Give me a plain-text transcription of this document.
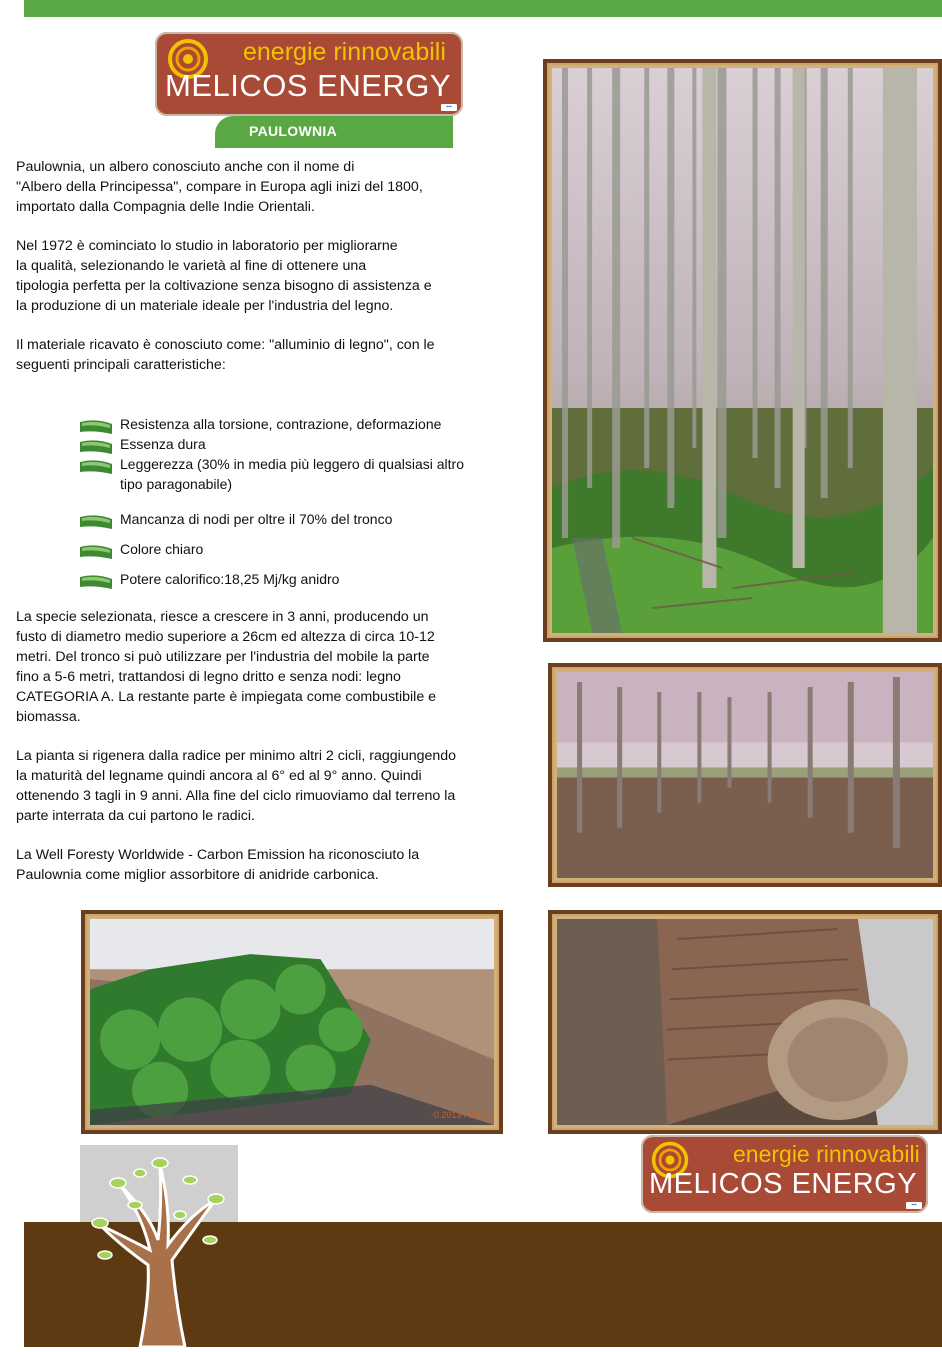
energie rinnovabili
MELICOS ENERGY
▪▪▪
PAULOWNIA

Paulownia, un albero conosciuto anche con il nome di

"Albero della Principessa", compare in Europa agli inizi del 1800,

importato dalla Compagnia delle Indie Orientali.

Nel 1972 è cominciato lo studio in laboratorio per migliorarne

la qualità, selezionando le varietà al fine di ottenere una

tipologia perfetta per la coltivazione senza bisogno di assistenza e

la produzione di un materiale ideale per l'industria del legno.

Il materiale ricavato è conosciuto come: "alluminio di legno", con le

seguenti principali caratteristiche:

Resistenza alla torsione, contrazione, deformazione
Essenza dura
Leggerezza (30% in media più leggero di qualsiasi altro
tipo paragonabile)
Mancanza di nodi per oltre il 70% del tronco
Colore chiaro
Potere calorifico:18,25 Mj/kg anidro

La specie selezionata, riesce a crescere in 3 anni, producendo un

fusto di diametro medio superiore a 26cm ed altezza di circa 10-12

metri. Del tronco si può utilizzare per l'industria del mobile la parte

fino a 5-6 metri, trattandosi di legno dritto e senza nodi: legno

CATEGORIA A. La restante parte è impiegata come combustibile e

biomassa.

La pianta si rigenera dalla radice per minimo altri 2 cicli, raggiungendo

la maturità del legname quindi ancora al 6° ed al 9° anno. Quindi

ottenendo 3 tagli in 9 anni. Alla fine del ciclo rimuoviamo dal terreno la

parte interrata da cui partono le radici.

La Well Foresty Worldwide - Carbon Emission ha riconosciuto la

Paulownia come miglior assorbitore di anidride carbonica.

·0.2013 / 2013
energie rinnovabili
MELICOS ENERGY
▪▪▪
